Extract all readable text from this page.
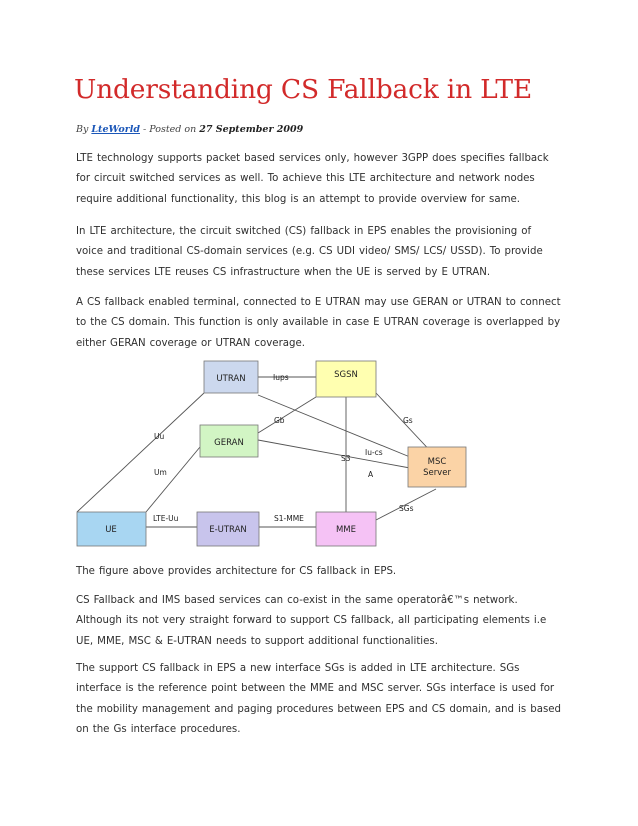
Understanding CS Fallback in LTE
By LteWorld - Posted on 27 September 2009

LTE technology supports packet based services only, however 3GPP does specifies fallback for circuit switched services as well. To achieve this LTE architecture and network nodes require additional functionality, this blog is an attempt to provide overview for same.

In LTE architecture, the circuit switched (CS) fallback in EPS enables the provisioning of voice and traditional CS-domain services (e.g. CS UDI video/ SMS/ LCS/ USSD). To provide these services LTE reuses CS infrastructure when the UE is served by E UTRAN.

A CS fallback enabled terminal, connected to E UTRAN may use GERAN or UTRAN to connect to the CS domain. This function is only available in case E UTRAN coverage is overlapped by either GERAN coverage or UTRAN coverage.

UTRAN	SGSN
GERAN
MSC
Server
UE	E-UTRAN	MME
Iups
Gs
Uu
Gb
Iu-cs
S3
Um	A
SGs
LTE-Uu	S1-MME

The figure above provides architecture for CS fallback in EPS.

CS Fallback and IMS based services can co-exist in the same operatorâ€™s network. Although its not very straight forward to support CS fallback, all participating elements i.e UE, MME, MSC & E-UTRAN needs to support additional functionalities.

The support CS fallback in EPS a new interface SGs is added in LTE architecture. SGs interface is the reference point between the MME and MSC server. SGs interface is used for the mobility management and paging procedures between EPS and CS domain, and is based on the Gs interface procedures.
